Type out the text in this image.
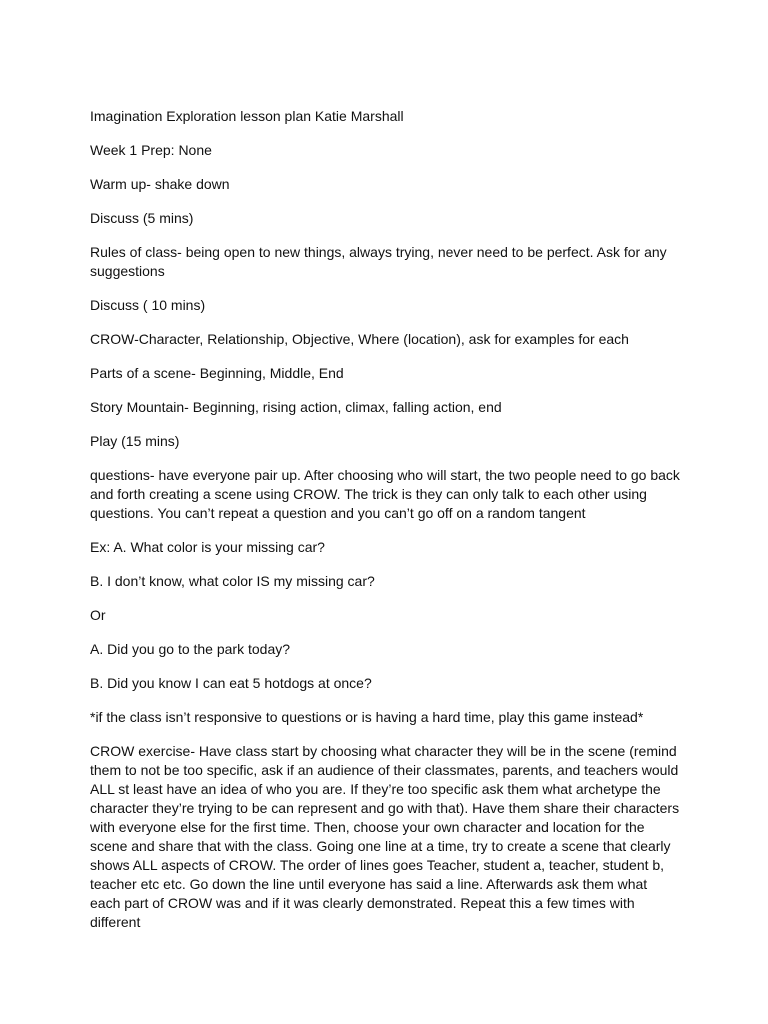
Imagination Exploration lesson plan Katie Marshall

Week 1 Prep: None

Warm up- shake down

Discuss (5 mins)

Rules of class- being open to new things, always trying, never need to be perfect. Ask for any suggestions

Discuss ( 10 mins)

CROW-Character, Relationship, Objective, Where (location), ask for examples for each

Parts of a scene- Beginning, Middle, End

Story Mountain- Beginning, rising action, climax, falling action, end

Play (15 mins)

questions- have everyone pair up. After choosing who will start, the two people need to go back and forth creating a scene using CROW. The trick is they can only talk to each other using questions. You can’t repeat a question and you can’t go off on a random tangent

Ex: A. What color is your missing car?

B. I don’t know, what color IS my missing car?

Or

A. Did you go to the park today?

B. Did you know I can eat 5 hotdogs at once?

*if the class isn’t responsive to questions or is having a hard time, play this game instead*

CROW exercise- Have class start by choosing what character they will be in the scene (remind them to not be too specific, ask if an audience of their classmates, parents, and teachers would ALL st least have an idea of who you are. If they’re too specific ask them what archetype the character they’re trying to be can represent and go with that). Have them share their characters with everyone else for the first time. Then, choose your own character and location for the scene and share that with the class. Going one line at a time, try to create a scene that clearly shows ALL aspects of CROW. The order of lines goes Teacher, student a, teacher, student b, teacher etc etc. Go down the line until everyone has said a line. Afterwards ask them what each part of CROW was and if it was clearly demonstrated. Repeat this a few times with different
